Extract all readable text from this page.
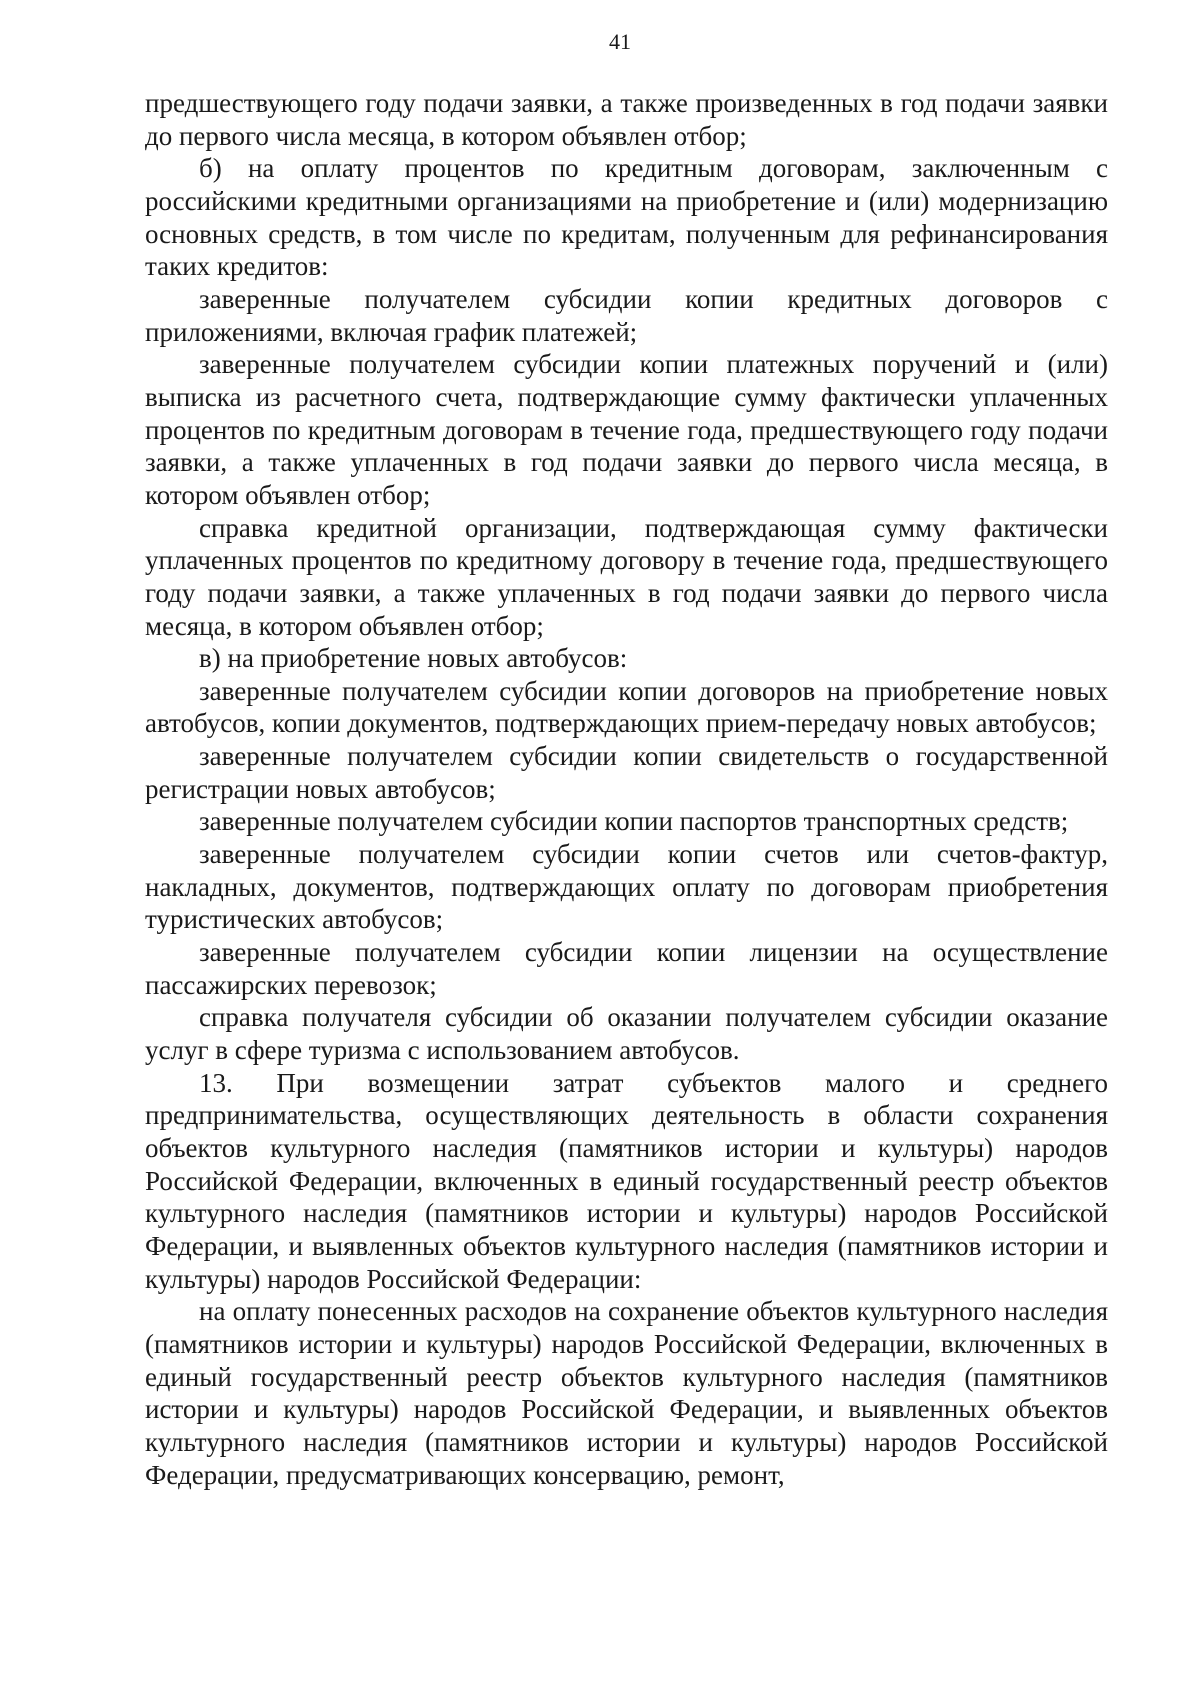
41

предшествующего году подачи заявки, а также произведенных в год подачи заявки до первого числа месяца, в котором объявлен отбор;

б) на оплату процентов по кредитным договорам, заключенным с российскими кредитными организациями на приобретение и (или) модернизацию основных средств, в том числе по кредитам, полученным для рефинансирования таких кредитов:

заверенные получателем субсидии копии кредитных договоров с приложениями, включая график платежей;

заверенные получателем субсидии копии платежных поручений и (или) выписка из расчетного счета, подтверждающие сумму фактически уплаченных процентов по кредитным договорам в течение года, предшествующего году подачи заявки, а также уплаченных в год подачи заявки до первого числа месяца, в котором объявлен отбор;

справка кредитной организации, подтверждающая сумму фактически уплаченных процентов по кредитному договору в течение года, предшествующего году подачи заявки, а также уплаченных в год подачи заявки до первого числа месяца, в котором объявлен отбор;

в) на приобретение новых автобусов:

заверенные получателем субсидии копии договоров на приобретение новых автобусов, копии документов, подтверждающих прием-передачу новых автобусов;

заверенные получателем субсидии копии свидетельств о государственной регистрации новых автобусов;

заверенные получателем субсидии копии паспортов транспортных средств;

заверенные получателем субсидии копии счетов или счетов-фактур, накладных, документов, подтверждающих оплату по договорам приобретения туристических автобусов;

заверенные получателем субсидии копии лицензии на осуществление пассажирских перевозок;

справка получателя субсидии об оказании получателем субсидии оказание услуг в сфере туризма с использованием автобусов.

13. При возмещении затрат субъектов малого и среднего предпринимательства, осуществляющих деятельность в области сохранения объектов культурного наследия (памятников истории и культуры) народов Российской Федерации, включенных в единый государственный реестр объектов культурного наследия (памятников истории и культуры) народов Российской Федерации, и выявленных объектов культурного наследия (памятников истории и культуры) народов Российской Федерации:

на оплату понесенных расходов на сохранение объектов культурного наследия (памятников истории и культуры) народов Российской Федерации, включенных в единый государственный реестр объектов культурного наследия (памятников истории и культуры) народов Российской Федерации, и выявленных объектов культурного наследия (памятников истории и культуры) народов Российской Федерации, предусматривающих консервацию, ремонт,
